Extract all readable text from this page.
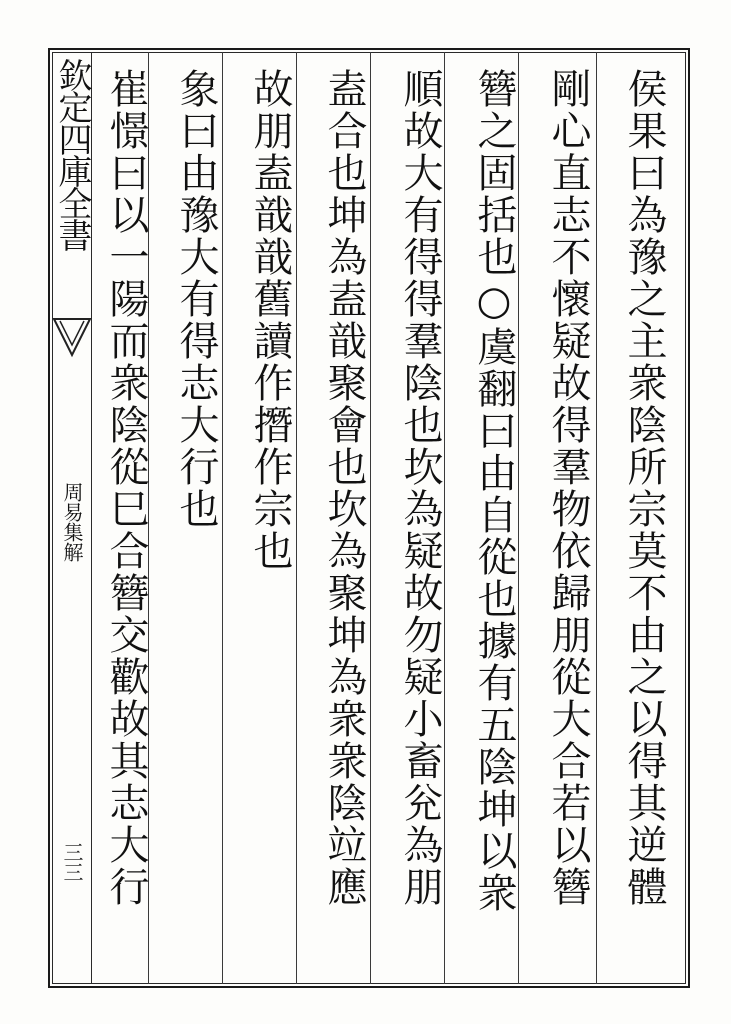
欽定四庫全書
周易集解
三三	侯果曰為豫之主衆陰所宗莫不由之以得其逆體
剛心直志不懷疑故得羣物依歸朋從大合若以簪
簪之固括也○虞翻曰由自從也據有五陰坤以衆
順故大有得得羣陰也坎為疑故勿疑小畜兊為朋
盍合也坤為盍戠聚會也坎為聚坤為衆衆陰竝應
故朋盍戠戠舊讀作撍作宗也
象曰由豫大有得志大行也
崔憬曰以一陽而衆陰從巳合簪交歡故其志大行
